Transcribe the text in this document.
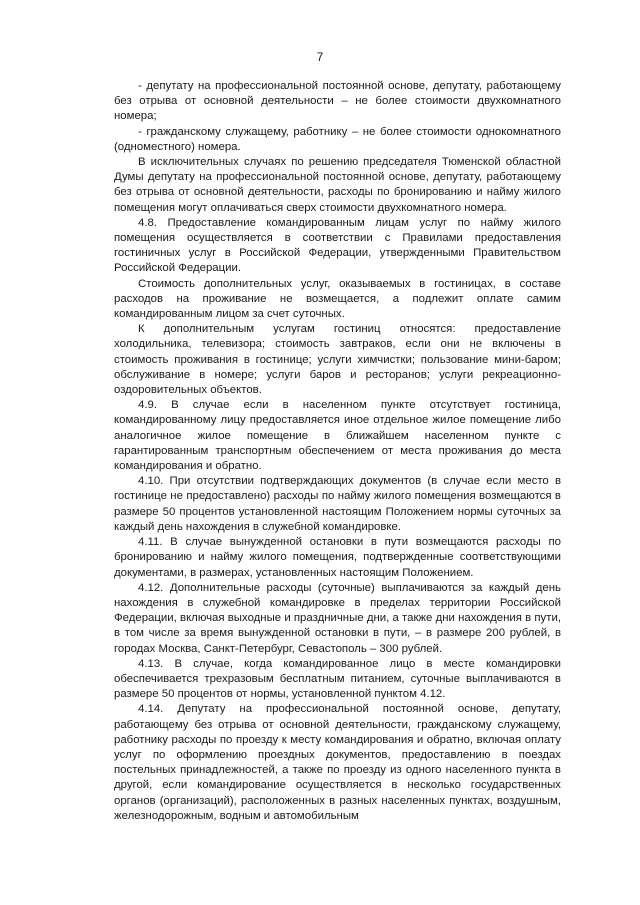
7

- депутату на профессиональной постоянной основе, депутату, работающему без отрыва от основной деятельности – не более стоимости двухкомнатного номера;

- гражданскому служащему, работнику – не более стоимости однокомнатного (одноместного) номера.

В исключительных случаях по решению председателя Тюменской областной Думы депутату на профессиональной постоянной основе, депутату, работающему без отрыва от основной деятельности, расходы по бронированию и найму жилого помещения могут оплачиваться сверх стоимости двухкомнатного номера.

4.8. Предоставление командированным лицам услуг по найму жилого помещения осуществляется в соответствии с Правилами предоставления гостиничных услуг в Российской Федерации, утвержденными Правительством Российской Федерации.

Стоимость дополнительных услуг, оказываемых в гостиницах, в составе расходов на проживание не возмещается, а подлежит оплате самим командированным лицом за счет суточных.

К дополнительным услугам гостиниц относятся: предоставление холодильника, телевизора; стоимость завтраков, если они не включены в стоимость проживания в гостинице; услуги химчистки; пользование мини-баром; обслуживание в номере; услуги баров и ресторанов; услуги рекреационно-оздоровительных объектов.

4.9. В случае если в населенном пункте отсутствует гостиница, командированному лицу предоставляется иное отдельное жилое помещение либо аналогичное жилое помещение в ближайшем населенном пункте с гарантированным транспортным обеспечением от места проживания до места командирования и обратно.

4.10. При отсутствии подтверждающих документов (в случае если место в гостинице не предоставлено) расходы по найму жилого помещения возмещаются в размере 50 процентов установленной настоящим Положением нормы суточных за каждый день нахождения в служебной командировке.

4.11. В случае вынужденной остановки в пути возмещаются расходы по бронированию и найму жилого помещения, подтвержденные соответствующими документами, в размерах, установленных настоящим Положением.

4.12. Дополнительные расходы (суточные) выплачиваются за каждый день нахождения в служебной командировке в пределах территории Российской Федерации, включая выходные и праздничные дни, а также дни нахождения в пути, в том числе за время вынужденной остановки в пути, – в размере 200 рублей, в городах Москва, Санкт-Петербург, Севастополь – 300 рублей.

4.13. В случае, когда командированное лицо в месте командировки обеспечивается трехразовым бесплатным питанием, суточные выплачиваются в размере 50 процентов от нормы, установленной пунктом 4.12.

4.14. Депутату на профессиональной постоянной основе, депутату, работающему без отрыва от основной деятельности, гражданскому служащему, работнику расходы по проезду к месту командирования и обратно, включая оплату услуг по оформлению проездных документов, предоставлению в поездах постельных принадлежностей, а также по проезду из одного населенного пункта в другой, если командирование осуществляется в несколько государственных органов (организаций), расположенных в разных населенных пунктах, воздушным, железнодорожным, водным и автомобильным
